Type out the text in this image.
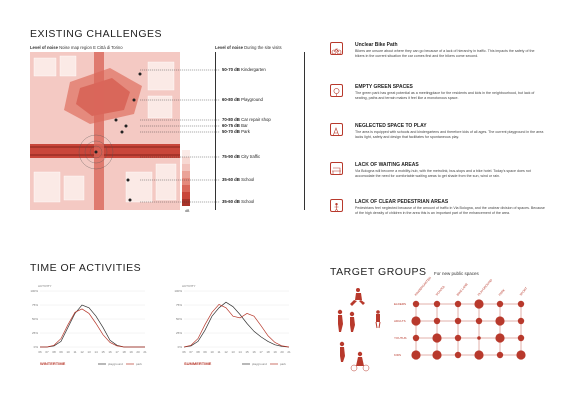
EXISTING CHALLENGES
Level of noise Noise map region E Città di Torino
dB
Level of noise During the site visits
50-70 dB Kindergarten
60-80 dB Playground
70-80 dB Car repair shop
60-75 dB Bar
50-70 dB Park
75-90 dB City traffic
35-60 dB School
35-60 dB School
Unclear Bike Path
Bikers are unsure about where they can go because of a lack of hierarchy in traffic. This impacts the safety of the bikers in the current situation the car comes first and the bikers come second.
EMPTY GREEN SPACES
The green park has great potential as a meetingplace for the residents and kids in the neighbourhood, but lack of seating, paths and terrain makes it feel like a monotonous space.
NEGLECTED SPACE TO PLAY
The area is equipped with schools and kindergartens and therefore kids of all ages. The current playground in the area lacks light, safety and design that facilitates for spontaneous play.
LACK OF WAITING AREAS
Via Bologna will become a mobility-hub, with the metrolink, bus-stops and a bike hotel. Today's space does not accomodate the need for comfortable waiting areas to get shade from the sun, wind or rain.
LACK OF CLEAR PEDESTRIAN AREAS
Pedestrians feel neglected because of the amount of traffic in Via Bologna, and the unclear division of spaces. Because of the high density of children in the area this is an important part of the enhancement of the area.
TIME OF ACTIVITIES
ACTIVITY
100%
75%
50%
25%
0%
06 07 08 09 10 11 12 13 14 15 16 17 18 19 20 21
WINTERTIME	playground	park
ACTIVITY
100%
75%
50%
25%
0%
06 07 08 09 10 11 12 13 14 15 16 17 18 19 20 21
SUMMERTIME	playground	park
TARGET GROUPS For new public spaces
KINDERGARTEN SCHOOL	BIKE LANE	PLAYGROUND PARK	SPORT
ELDERS
ADULTS
YOUTHS
KIDS
